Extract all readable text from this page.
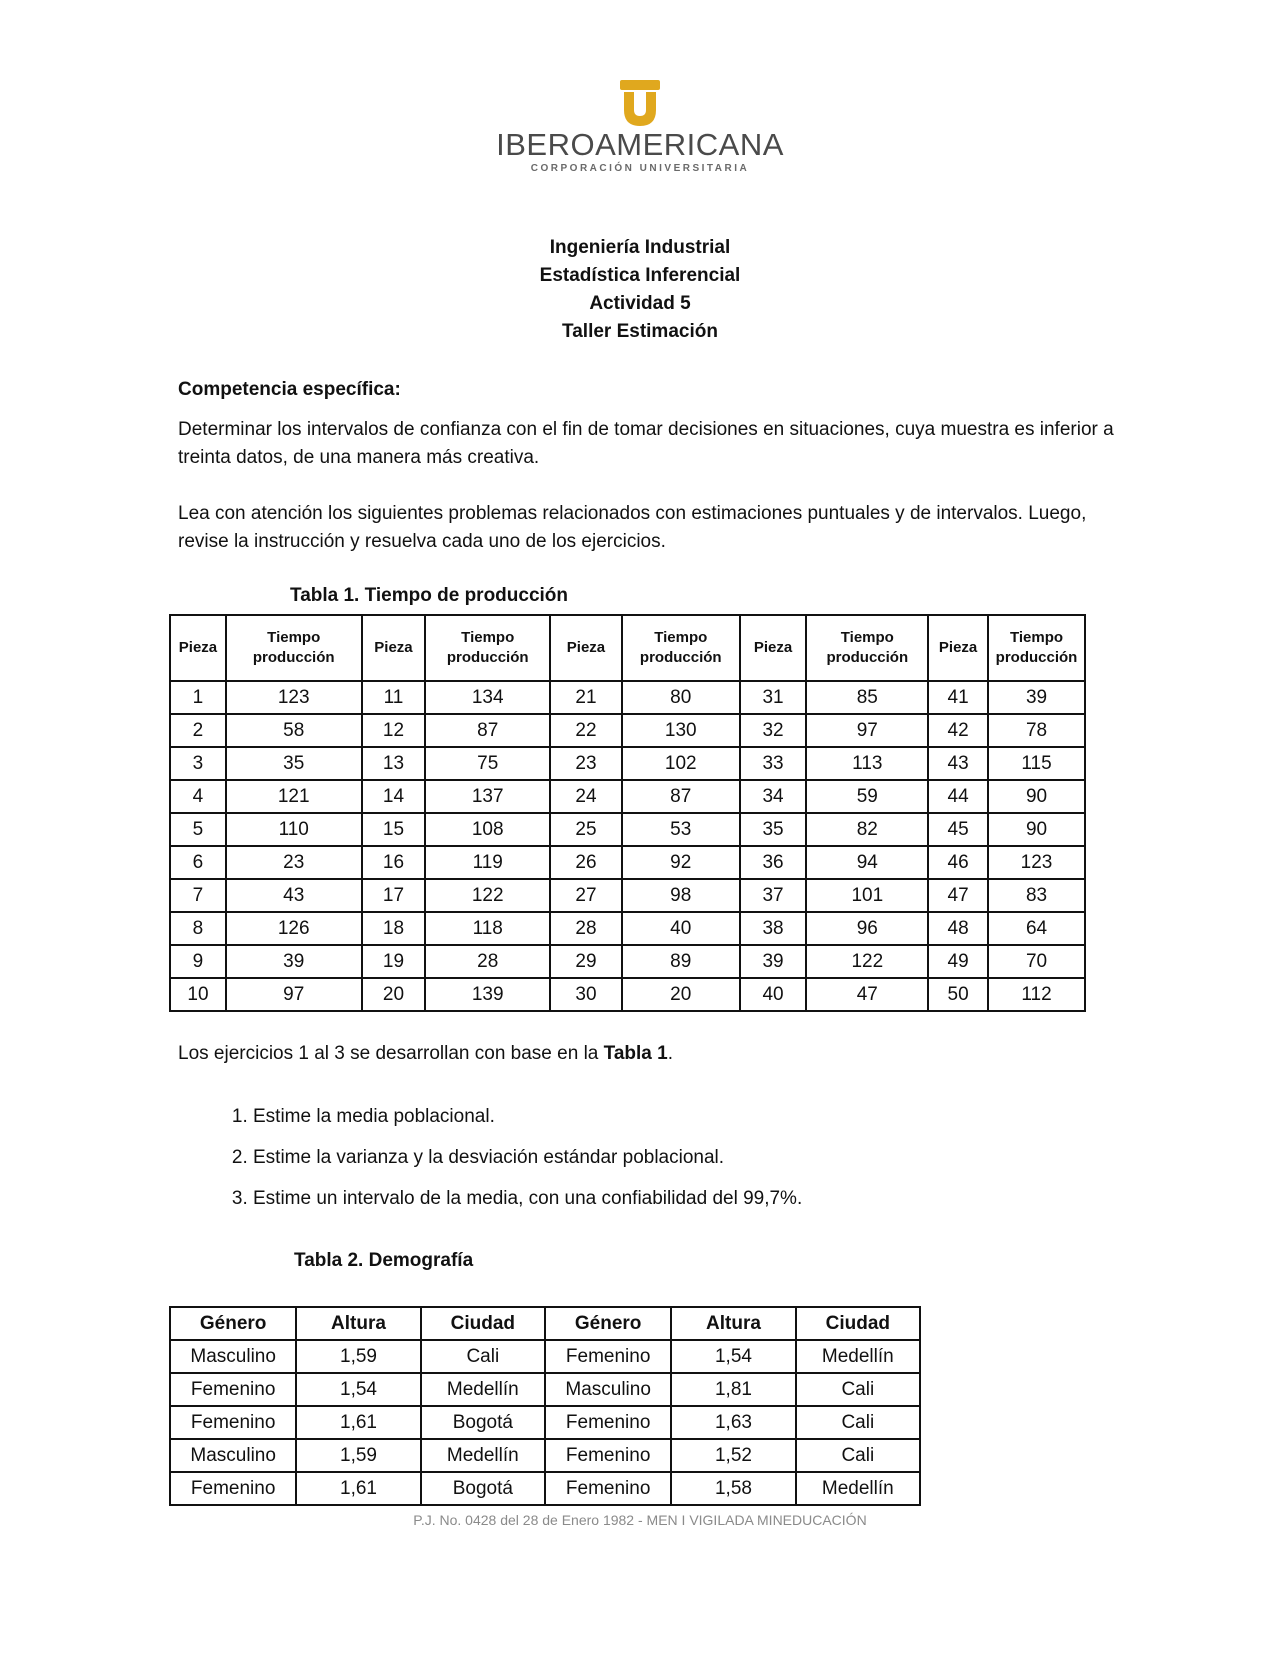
IBEROAMERICANA
CORPORACIÓN UNIVERSITARIA
Ingeniería Industrial
Estadística Inferencial
Actividad 5
Taller Estimación
Competencia específica:
Determinar los intervalos de confianza con el fin de tomar decisiones en situaciones, cuya muestra es inferior a treinta datos, de una manera más creativa.
Lea con atención los siguientes problemas relacionados con estimaciones puntuales y de intervalos. Luego, revise la instrucción y resuelva cada uno de los ejercicios.
Tabla 1. Tiempo de producción
Pieza	Tiempo producción	Pieza	Tiempo producción	Pieza	Tiempo producción	Pieza	Tiempo producción	Pieza	Tiempo producción
1	123	11	134	21	80	31	85	41	39
2	58	12	87	22	130	32	97	42	78
3	35	13	75	23	102	33	113	43	115
4	121	14	137	24	87	34	59	44	90
5	110	15	108	25	53	35	82	45	90
6	23	16	119	26	92	36	94	46	123
7	43	17	122	27	98	37	101	47	83
8	126	18	118	28	40	38	96	48	64
9	39	19	28	29	89	39	122	49	70
10	97	20	139	30	20	40	47	50	112
Los ejercicios 1 al 3 se desarrollan con base en la Tabla 1.
1. Estime la media poblacional.
2. Estime la varianza y la desviación estándar poblacional.
3. Estime un intervalo de la media, con una confiabilidad del 99,7%.
Tabla 2. Demografía
Género	Altura	Ciudad	Género	Altura	Ciudad
Masculino	1,59	Cali	Femenino	1,54	Medellín
Femenino	1,54	Medellín	Masculino	1,81	Cali
Femenino	1,61	Bogotá	Femenino	1,63	Cali
Masculino	1,59	Medellín	Femenino	1,52	Cali
Femenino	1,61	Bogotá	Femenino	1,58	Medellín
P.J. No. 0428 del 28 de Enero 1982 - MEN I VIGILADA MINEDUCACIÓN
